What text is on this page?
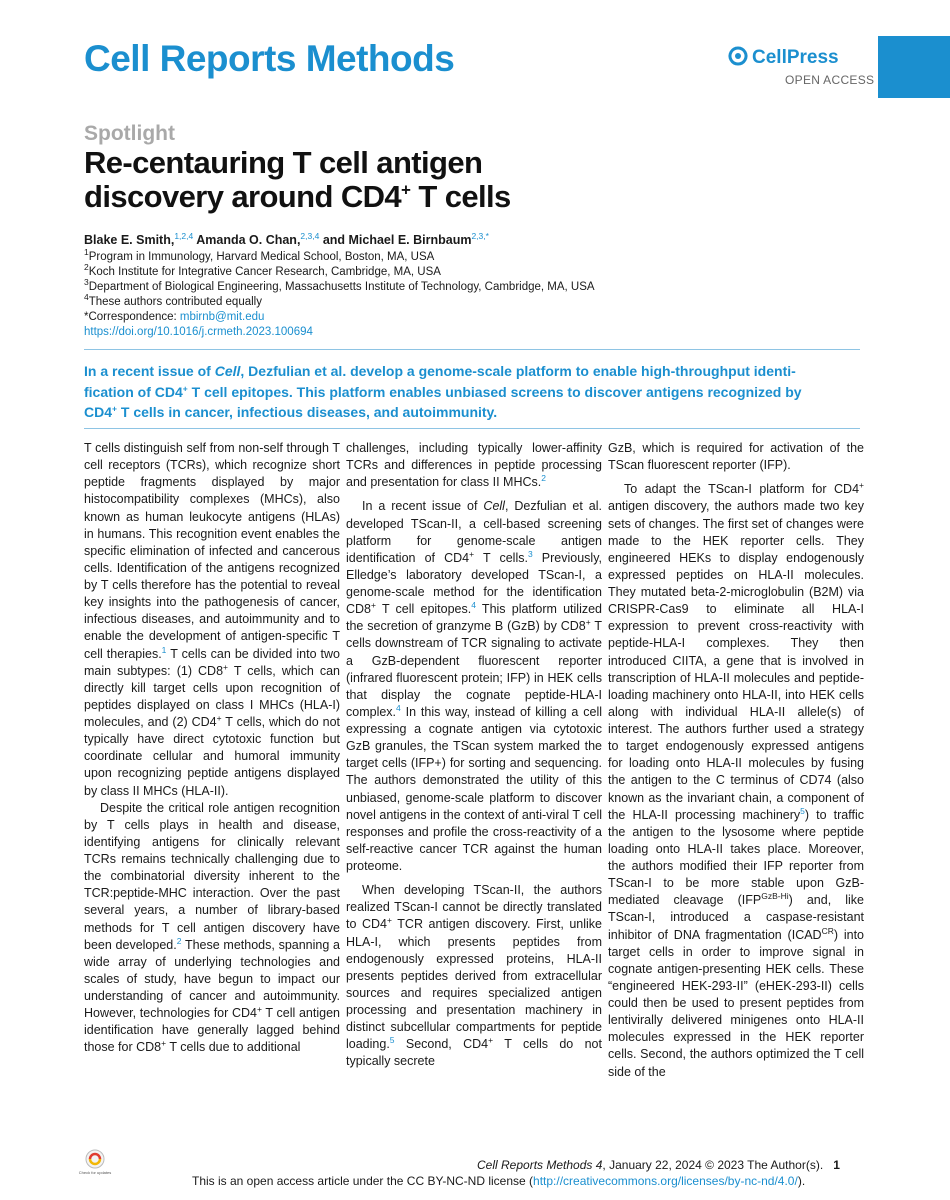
Cell Reports Methods	CellPress
OPEN ACCESS
Spotlight
Re-centauring T cell antigen
discovery around CD4+ T cells
Blake E. Smith,$^{1,2,4}$ Amanda O. Chan,$^{2,3,4}$ and Michael E. Birnbaum$^{2,3,*}$
$^1$Program in Immunology, Harvard Medical School, Boston, MA, USA
$^2$Koch Institute for Integrative Cancer Research, Cambridge, MA, USA
$^3$Department of Biological Engineering, Massachusetts Institute of Technology, Cambridge, MA, USA
$^4$These authors contributed equally
*Correspondence: mbirnb@mit.edu
https://doi.org/10.1016/j.crmeth.2023.100694
In a recent issue of Cell, Dezfulian et al. develop a genome-scale platform to enable high-throughput identi-
fication of CD4+ T cell epitopes. This platform enables unbiased screens to discover antigens recognized by
CD4+ T cells in cancer, infectious diseases, and autoimmunity.

T cells distinguish self from non-self through T cell receptors (TCRs), which recognize short peptide fragments displayed by major histocompatibility complexes (MHCs), also known as human leukocyte antigens (HLAs) in humans. This recognition event enables the specific elimination of infected and cancerous cells. Identification of the antigens recognized by T cells therefore has the potential to reveal key insights into the pathogenesis of cancer, infectious diseases, and autoimmunity and to enable the development of antigen-specific T cell therapies.$^1$ T cells can be divided into two main subtypes: (1) CD8+ T cells, which can directly kill target cells upon recognition of peptides displayed on class I MHCs (HLA-I) molecules, and (2) CD4+ T cells, which do not typically have direct cytotoxic function but coordinate cellular and humoral immunity upon recognizing peptide antigens displayed by class II MHCs (HLA-II).

Despite the critical role antigen recognition by T cells plays in health and disease, identifying antigens for clinically relevant TCRs remains technically challenging due to the combinatorial diversity inherent to the TCR:peptide-MHC interaction. Over the past several years, a number of library-based methods for T cell antigen discovery have been developed.$^2$ These methods, spanning a wide array of underlying technologies and scales of study, have begun to impact our understanding of cancer and autoimmunity. However, technologies for CD4+ T cell antigen identification have generally lagged behind those for CD8+ T cells due to additional

challenges, including typically lower-affinity TCRs and differences in peptide processing and presentation for class II MHCs.$^2$

In a recent issue of Cell, Dezfulian et al. developed TScan-II, a cell-based screening platform for genome-scale antigen identification of CD4+ T cells.$^3$ Previously, Elledge’s laboratory developed TScan-I, a genome-scale method for the identification CD8+ T cell epitopes.$^4$ This platform utilized the secretion of granzyme B (GzB) by CD8+ T cells downstream of TCR signaling to activate a GzB-dependent fluorescent reporter (infrared fluorescent protein; IFP) in HEK cells that display the cognate peptide-HLA-I complex.$^4$ In this way, instead of killing a cell expressing a cognate antigen via cytotoxic GzB granules, the TScan system marked the target cells (IFP+) for sorting and sequencing. The authors demonstrated the utility of this unbiased, genome-scale platform to discover novel antigens in the context of anti-viral T cell responses and profile the cross-reactivity of a self-reactive cancer TCR against the human proteome.

When developing TScan-II, the authors realized TScan-I cannot be directly translated to CD4+ TCR antigen discovery. First, unlike HLA-I, which presents peptides from endogenously expressed proteins, HLA-II presents peptides derived from extracellular sources and requires specialized antigen processing and presentation machinery in distinct subcellular compartments for peptide loading.$^5$ Second, CD4+ T cells do not typically secrete

GzB, which is required for activation of the TScan fluorescent reporter (IFP).

To adapt the TScan-I platform for CD4+ antigen discovery, the authors made two key sets of changes. The first set of changes were made to the HEK reporter cells. They engineered HEKs to display endogenously expressed peptides on HLA-II molecules. They mutated beta-2-microglobulin (B2M) via CRISPR-Cas9 to eliminate all HLA-I expression to prevent cross-reactivity with peptide-HLA-I complexes. They then introduced CIITA, a gene that is involved in transcription of HLA-II molecules and peptide-loading machinery onto HLA-II, into HEK cells along with individual HLA-II allele(s) of interest. The authors further used a strategy to target endogenously expressed antigens for loading onto HLA-II molecules by fusing the antigen to the C terminus of CD74 (also known as the invariant chain, a component of the HLA-II processing machinery$^5$) to traffic the antigen to the lysosome where peptide loading onto HLA-II takes place. Moreover, the authors modified their IFP reporter from TScan-I to be more stable upon GzB-mediated cleavage $(IFP^{GzB-Hi})$ and, like TScan-I, introduced a caspase-resistant inhibitor of DNA fragmentation $(ICAD^{CR})$ into target cells in order to improve signal in cognate antigen-presenting HEK cells. These “engineered HEK-293-II” (eHEK-293-II) cells could then be used to present peptides from lentivirally delivered minigenes onto HLA-II molecules expressed in the HEK reporter cells. Second, the authors optimized the T cell side of the

Check for updates
Cell Reports Methods 4, January 22, 2024 © 2023 The Author(s). 1
This is an open access article under the CC BY-NC-ND license (http://creativecommons.org/licenses/by-nc-nd/4.0/).
